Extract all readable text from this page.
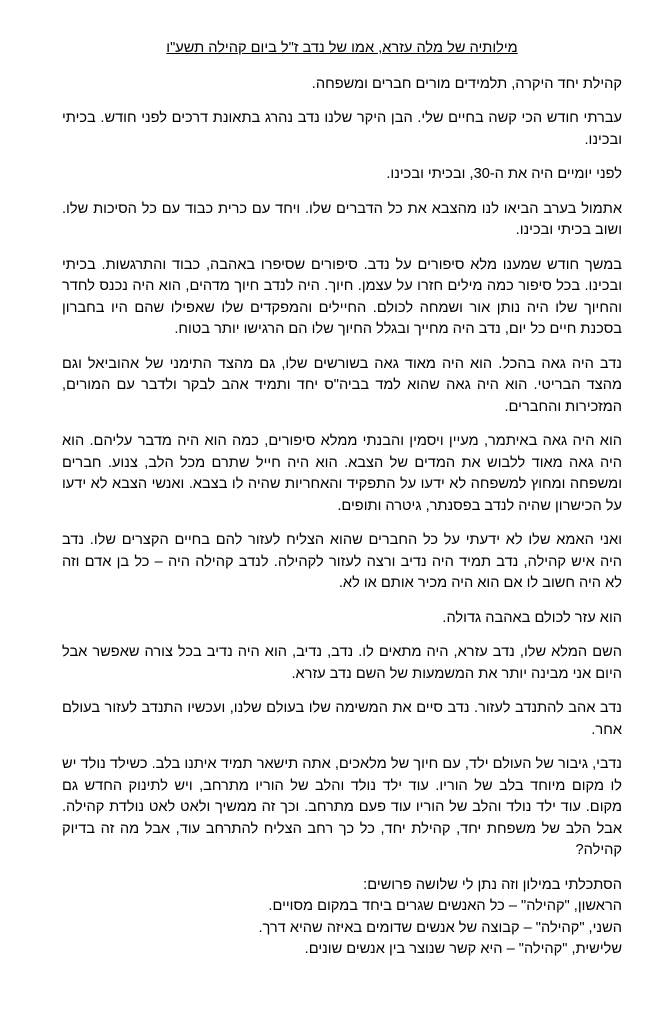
מילותיה של מלה עזרא, אמו של נדב ז"ל ביום קהילה תשע"ו

קהילת יחד היקרה, תלמידים מורים חברים ומשפחה.

עברתי חודש הכי קשה בחיים שלי. הבן היקר שלנו נדב נהרג בתאונת דרכים לפני חודש. בכיתי ובכינו.

לפני יומיים היה את ה-30, ובכיתי ובכינו.

אתמול בערב הביאו לנו מהצבא את כל הדברים שלו. ויחד עם כרית כבוד עם כל הסיכות שלו. ושוב בכיתי ובכינו.

במשך חודש שמענו מלא סיפורים על נדב. סיפורים שסיפרו באהבה, כבוד והתרגשות. בכיתי ובכינו. בכל סיפור כמה מילים חזרו על עצמן. חיוך. היה לנדב חיוך מדהים, הוא היה נכנס לחדר והחיוך שלו היה נותן אור ושמחה לכולם. החיילים והמפקדים שלו שאפילו שהם היו בחברון בסכנת חיים כל יום, נדב היה מחייך ובגלל החיוך שלו הם הרגישו יותר בטוח.

נדב היה גאה בהכל. הוא היה מאוד גאה בשורשים שלו, גם מהצד התימני של אהוביאל וגם מהצד הבריטי. הוא היה גאה שהוא למד בביה"ס יחד ותמיד אהב לבקר ולדבר עם המורים, המזכירות והחברים.

הוא היה גאה באיתמר, מעיין ויסמין והבנתי ממלא סיפורים, כמה הוא היה מדבר עליהם. הוא היה גאה מאוד ללבוש את המדים של הצבא. הוא היה חייל שתרם מכל הלב, צנוע. חברים ומשפחה ומחוץ למשפחה לא ידעו על התפקיד והאחריות שהיה לו בצבא. ואנשי הצבא לא ידעו על הכישרון שהיה לנדב בפסנתר, גיטרה ותופים.

ואני האמא שלו לא ידעתי על כל החברים שהוא הצליח לעזור להם בחיים הקצרים שלו. נדב היה איש קהילה, נדב תמיד היה נדיב ורצה לעזור לקהילה. לנדב קהילה היה – כל בן אדם וזה לא היה חשוב לו אם הוא היה מכיר אותם או לא.

הוא עזר לכולם באהבה גדולה.

השם המלא שלו, נדב עזרא, היה מתאים לו. נדב, נדיב, הוא היה נדיב בכל צורה שאפשר אבל היום אני מבינה יותר את המשמעות של השם נדב עזרא.

נדב אהב להתנדב לעזור. נדב סיים את המשימה שלו בעולם שלנו, ועכשיו התנדב לעזור בעולם אחר.

נדבי, גיבור של העולם ילד, עם חיוך של מלאכים, אתה תישאר תמיד איתנו בלב. כשילד נולד יש לו מקום מיוחד בלב של הוריו. עוד ילד נולד והלב של הוריו מתרחב, ויש לתינוק החדש גם מקום. עוד ילד נולד והלב של הוריו עוד פעם מתרחב. וכך זה ממשיך ולאט לאט נולדת קהילה. אבל הלב של משפחת יחד, קהילת יחד, כל כך רחב הצליח להתרחב עוד, אבל מה זה בדיוק קהילה?

הסתכלתי במילון וזה נתן לי שלושה פרושים:
הראשון, "קהילה" – כל האנשים שגרים ביחד במקום מסויים.
השני, "קהילה" – קבוצה של אנשים שדומים באיזה שהיא דרך.
שלישית, "קהילה" – היא קשר שנוצר בין אנשים שונים.
